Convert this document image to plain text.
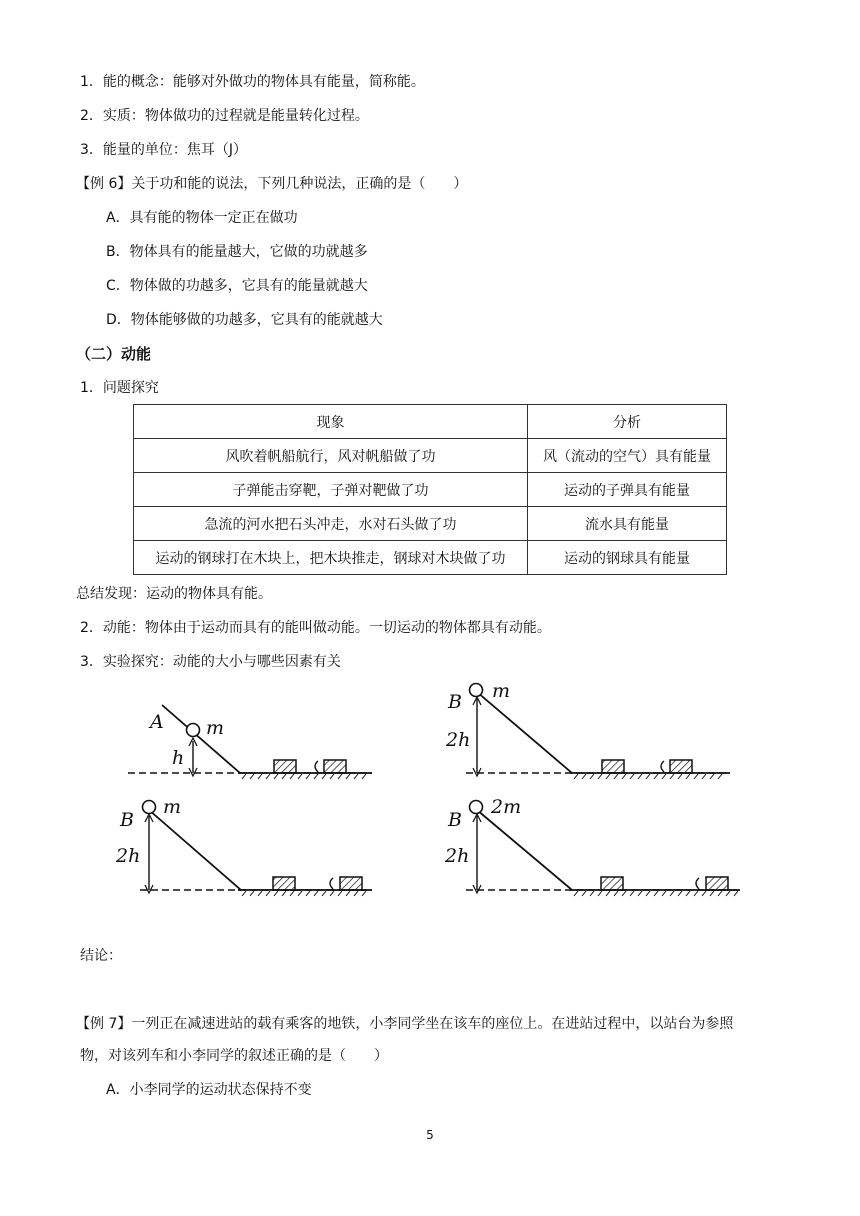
1．能的概念：能够对外做功的物体具有能量，简称能。
2．实质：物体做功的过程就是能量转化过程。
3．能量的单位：焦耳（J）
【例 6】关于功和能的说法，下列几种说法，正确的是（　　）
A．具有能的物体一定正在做功
B．物体具有的能量越大，它做的功就越多
C．物体做的功越多，它具有的能量就越大
D．物体能够做的功越多，它具有的能就越大
（二）动能
1．问题探究
现象	分析
风吹着帆船航行，风对帆船做了功	风（流动的空气）具有能量
子弹能击穿靶，子弹对靶做了功	运动的子弹具有能量
急流的河水把石头冲走，水对石头做了功	流水具有能量
运动的钢球打在木块上，把木块推走，钢球对木块做了功	运动的钢球具有能量
总结发现：运动的物体具有能。
2．动能：物体由于运动而具有的能叫做动能。一切运动的物体都具有动能。
3．实验探究：动能的大小与哪些因素有关
A m
h
B m
2h
B
m
2h
B
2m
2h
结论：
【例 7】一列正在减速进站的载有乘客的地铁，小李同学坐在该车的座位上。在进站过程中，以站台为参照
物，对该列车和小李同学的叙述正确的是（　　）
A．小李同学的运动状态保持不变
5
